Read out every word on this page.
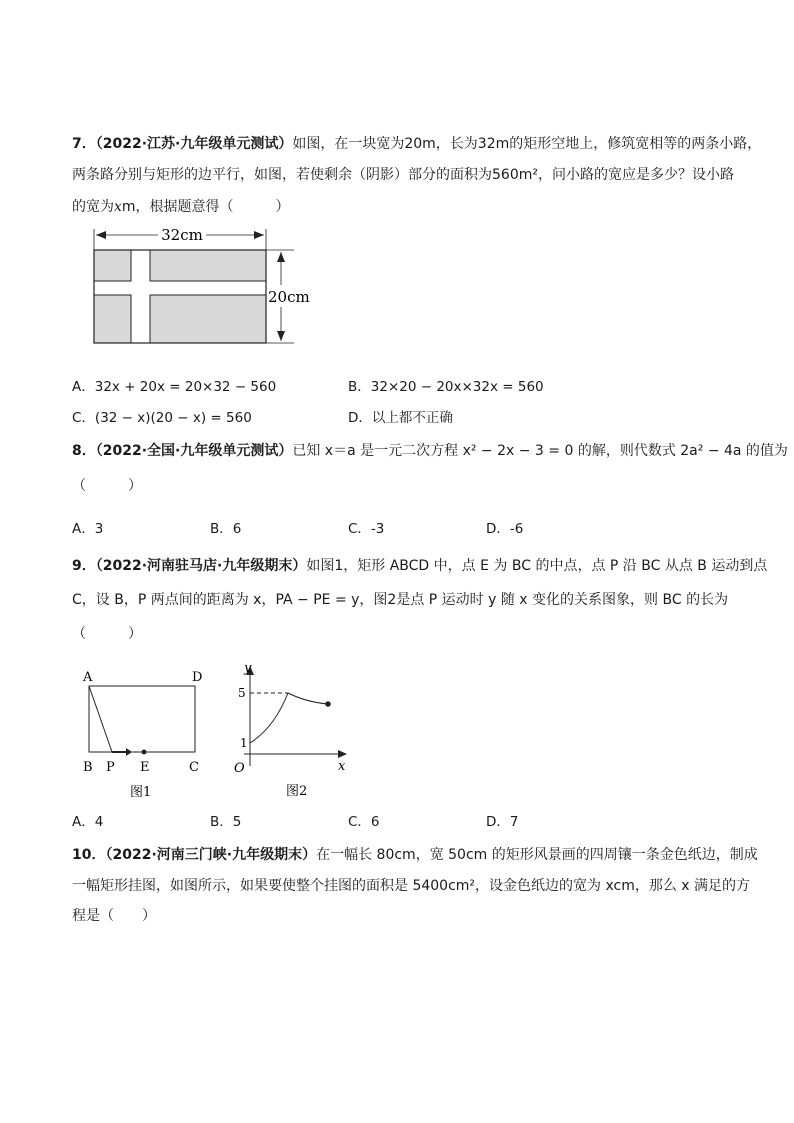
7．（2022·江苏·九年级单元测试）如图，在一块宽为20m，长为32m的矩形空地上，修筑宽相等的两条小路，
两条路分别与矩形的边平行，如图，若使剩余（阴影）部分的面积为560m²，问小路的宽应是多少？设小路
的宽为xm，根据题意得（　　　）
32cm
20cm
A．32x + 20x = 20×32 − 560	B．32×20 − 20x×32x = 560
C．(32 − x)(20 − x) = 560	D．以上都不正确
8．（2022·全国·九年级单元测试）已知 x＝a 是一元二次方程 x² − 2x − 3 = 0 的解，则代数式 2a² − 4a 的值为
（　　　）
A．3	B．6	C．-3	D．-6
9．（2022·河南驻马店·九年级期末）如图1，矩形 ABCD 中，点 E 为 BC 的中点，点 P 沿 BC 从点 B 运动到点
C，设 B，P 两点间的距离为 x，PA − PE = y，图2是点 P 运动时 y 随 x 变化的关系图象，则 BC 的长为
（　　　）
A	D
B P E	C
图1
y
x
O
5
1
图2
A．4	B．5	C．6	D．7
10．（2022·河南三门峡·九年级期末）在一幅长 80cm，宽 50cm 的矩形风景画的四周镶一条金色纸边，制成
一幅矩形挂图，如图所示，如果要使整个挂图的面积是 5400cm²，设金色纸边的宽为 xcm，那么 x 满足的方
程是（　　）
